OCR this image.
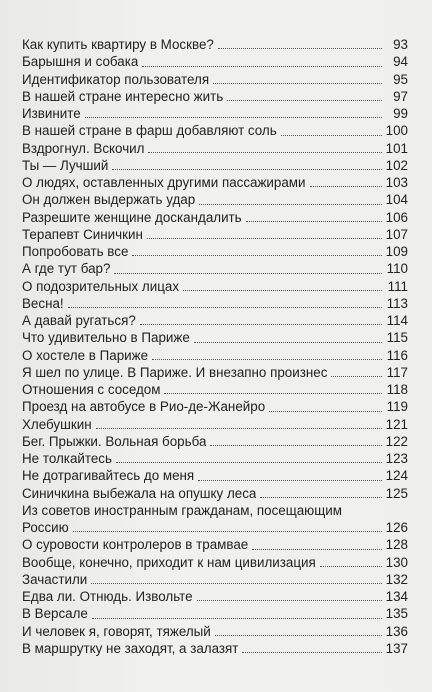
Как купить квартиру в Москве?	93
Барышня и собака	94
Идентификатор пользователя	95
В нашей стране интересно жить	97
Извините	99
В нашей стране в фарш добавляют соль	100
Вздрогнул. Вскочил	101
Ты — Лучший	102
О людях, оставленных другими пассажирами	103
Он должен выдержать удар	104
Разрешите женщине доскандалить	106
Терапевт Синичкин	107
Попробовать все	109
А где тут бар?	110
О подозрительных лицах	111
Весна!	113
А давай ругаться?	114
Что удивительно в Париже	115
О хостеле в Париже	116
Я шел по улице. В Париже. И внезапно произнес	117
Отношения с соседом	118
Проезд на автобусе в Рио-де-Жанейро	119
Хлебушкин	121
Бег. Прыжки. Вольная борьба	122
Не толкайтесь	123
Не дотрагивайтесь до меня	124
Синичкина выбежала на опушку леса	125
Из советов иностранным гражданам, посещающим
Россию	126
О суровости контролеров в трамвае	128
Вообще, конечно, приходит к нам цивилизация	130
Зачастили	132
Едва ли. Отнюдь. Извольте	134
В Версале	135
И человек я, говорят, тяжелый	136
В маршрутку не заходят, а залазят	137
